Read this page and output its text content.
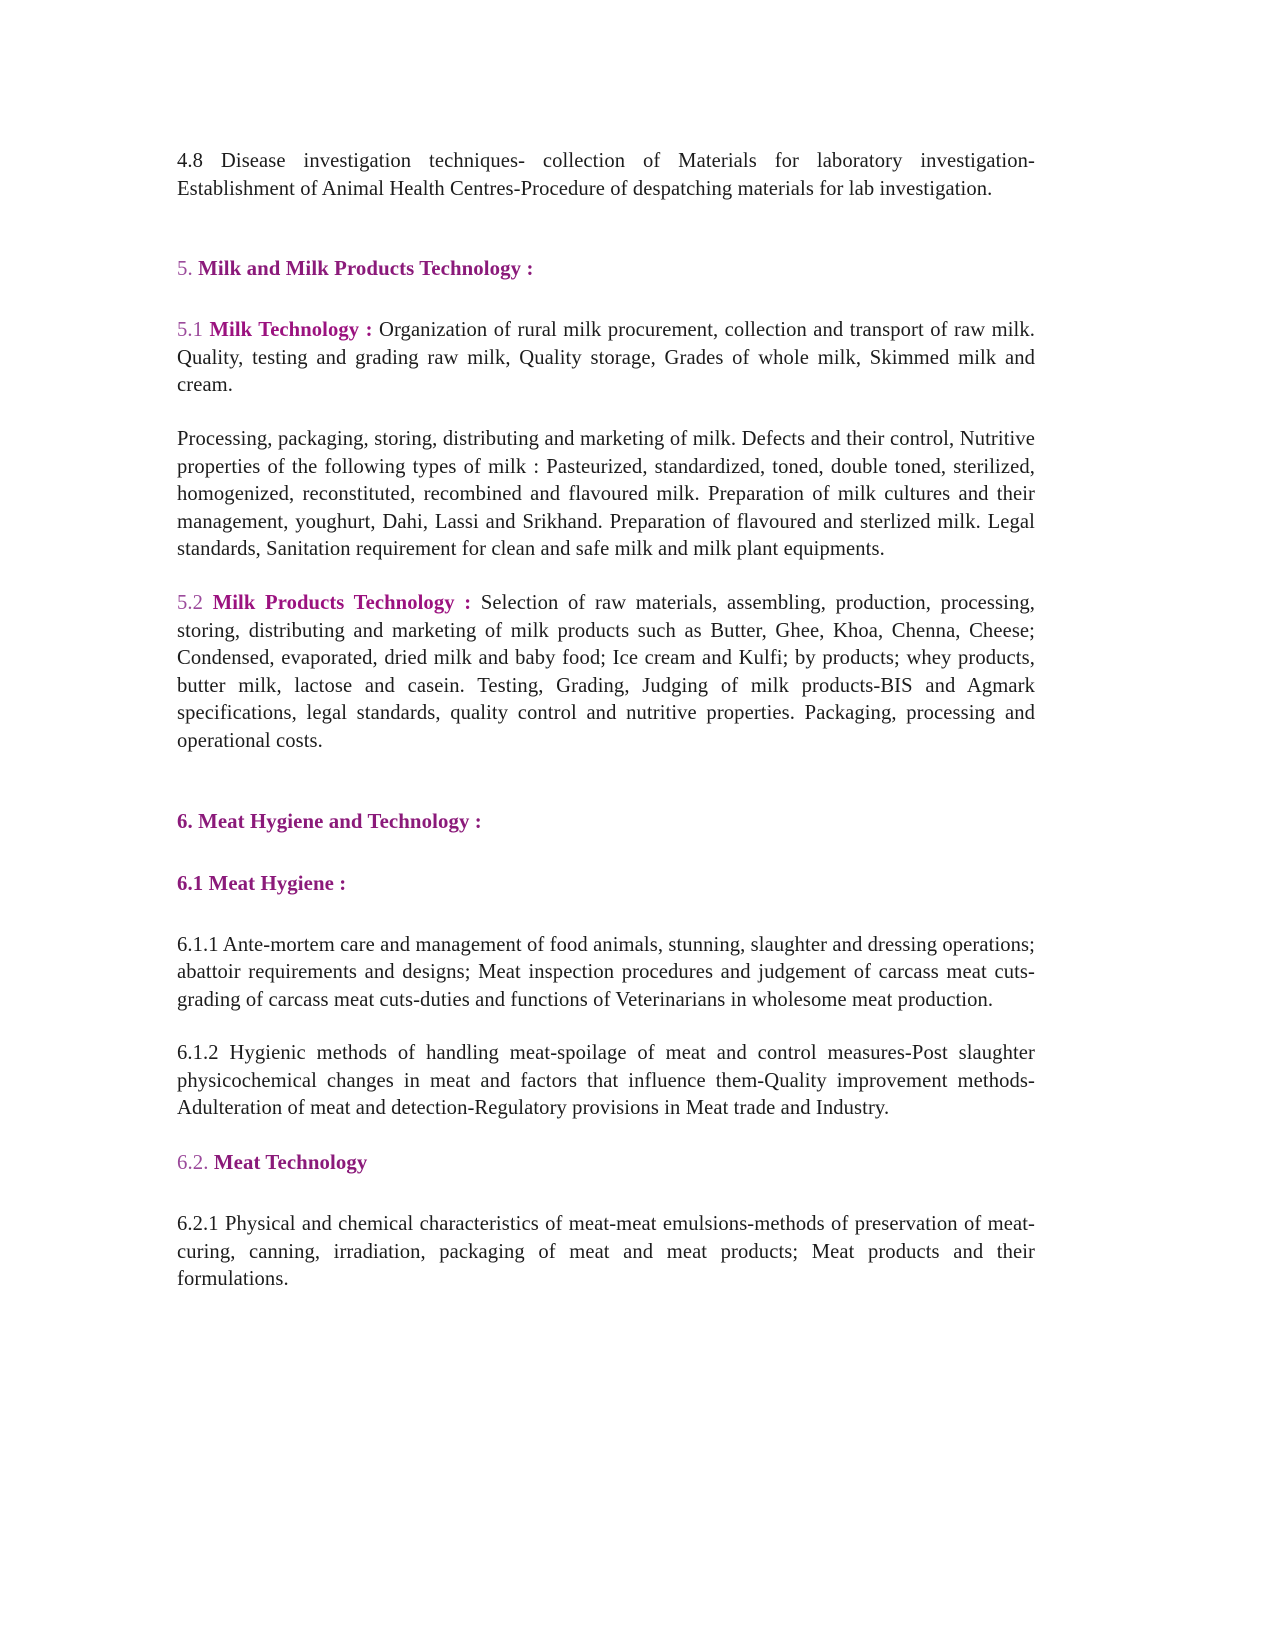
4.8 Disease investigation techniques- collection of Materials for laboratory investigation-Establishment of Animal Health Centres-Procedure of despatching materials for lab investigation.

5. Milk and Milk Products Technology :

5.1 Milk Technology : Organization of rural milk procurement, collection and transport of raw milk. Quality, testing and grading raw milk, Quality storage, Grades of whole milk, Skimmed milk and cream.

Processing, packaging, storing, distributing and marketing of milk. Defects and their control, Nutritive properties of the following types of milk : Pasteurized, standardized, toned, double toned, sterilized, homogenized, reconstituted, recombined and flavoured milk. Preparation of milk cultures and their management, youghurt, Dahi, Lassi and Srikhand. Preparation of flavoured and sterlized milk. Legal standards, Sanitation requirement for clean and safe milk and milk plant equipments.

5.2 Milk Products Technology : Selection of raw materials, assembling, production, processing, storing, distributing and marketing of milk products such as Butter, Ghee, Khoa, Chenna, Cheese; Condensed, evaporated, dried milk and baby food; Ice cream and Kulfi; by products; whey products, butter milk, lactose and casein. Testing, Grading, Judging of milk products-BIS and Agmark specifications, legal standards, quality control and nutritive properties. Packaging, processing and operational costs.

6. Meat Hygiene and Technology :
6.1 Meat Hygiene :

6.1.1 Ante-mortem care and management of food animals, stunning, slaughter and dressing operations; abattoir requirements and designs; Meat inspection procedures and judgement of carcass meat cuts-grading of carcass meat cuts-duties and functions of Veterinarians in wholesome meat production.

6.1.2 Hygienic methods of handling meat-spoilage of meat and control measures-Post slaughter physicochemical changes in meat and factors that influence them-Quality improvement methods-Adulteration of meat and detection-Regulatory provisions in Meat trade and Industry.

6.2. Meat Technology

6.2.1 Physical and chemical characteristics of meat-meat emulsions-methods of preservation of meat-curing, canning, irradiation, packaging of meat and meat products; Meat products and their formulations.
